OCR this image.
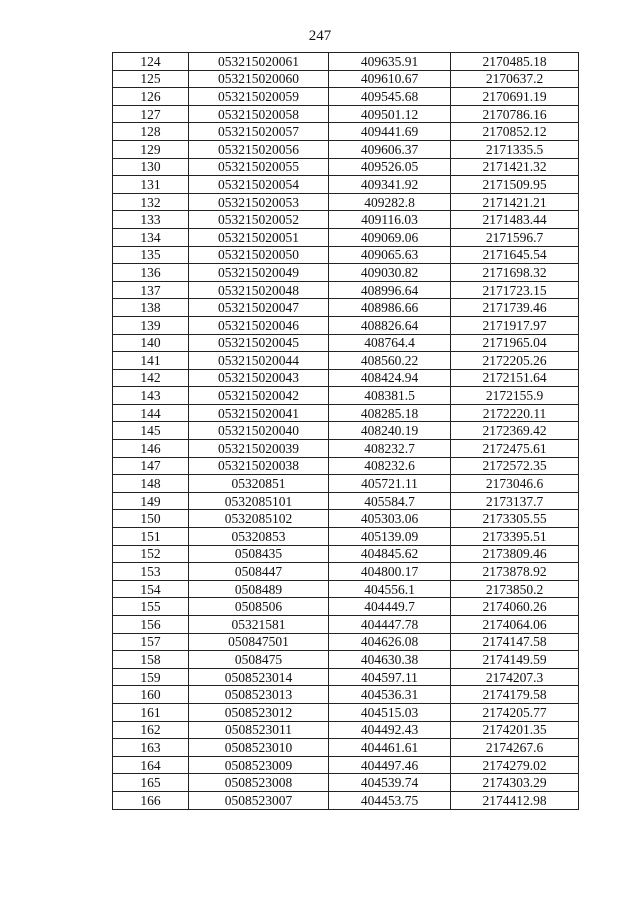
247
124	053215020061	409635.91	2170485.18
125	053215020060	409610.67	2170637.2
126	053215020059	409545.68	2170691.19
127	053215020058	409501.12	2170786.16
128	053215020057	409441.69	2170852.12
129	053215020056	409606.37	2171335.5
130	053215020055	409526.05	2171421.32
131	053215020054	409341.92	2171509.95
132	053215020053	409282.8	2171421.21
133	053215020052	409116.03	2171483.44
134	053215020051	409069.06	2171596.7
135	053215020050	409065.63	2171645.54
136	053215020049	409030.82	2171698.32
137	053215020048	408996.64	2171723.15
138	053215020047	408986.66	2171739.46
139	053215020046	408826.64	2171917.97
140	053215020045	408764.4	2171965.04
141	053215020044	408560.22	2172205.26
142	053215020043	408424.94	2172151.64
143	053215020042	408381.5	2172155.9
144	053215020041	408285.18	2172220.11
145	053215020040	408240.19	2172369.42
146	053215020039	408232.7	2172475.61
147	053215020038	408232.6	2172572.35
148	05320851	405721.11	2173046.6
149	0532085101	405584.7	2173137.7
150	0532085102	405303.06	2173305.55
151	05320853	405139.09	2173395.51
152	0508435	404845.62	2173809.46
153	0508447	404800.17	2173878.92
154	0508489	404556.1	2173850.2
155	0508506	404449.7	2174060.26
156	05321581	404447.78	2174064.06
157	050847501	404626.08	2174147.58
158	0508475	404630.38	2174149.59
159	0508523014	404597.11	2174207.3
160	0508523013	404536.31	2174179.58
161	0508523012	404515.03	2174205.77
162	0508523011	404492.43	2174201.35
163	0508523010	404461.61	2174267.6
164	0508523009	404497.46	2174279.02
165	0508523008	404539.74	2174303.29
166	0508523007	404453.75	2174412.98
